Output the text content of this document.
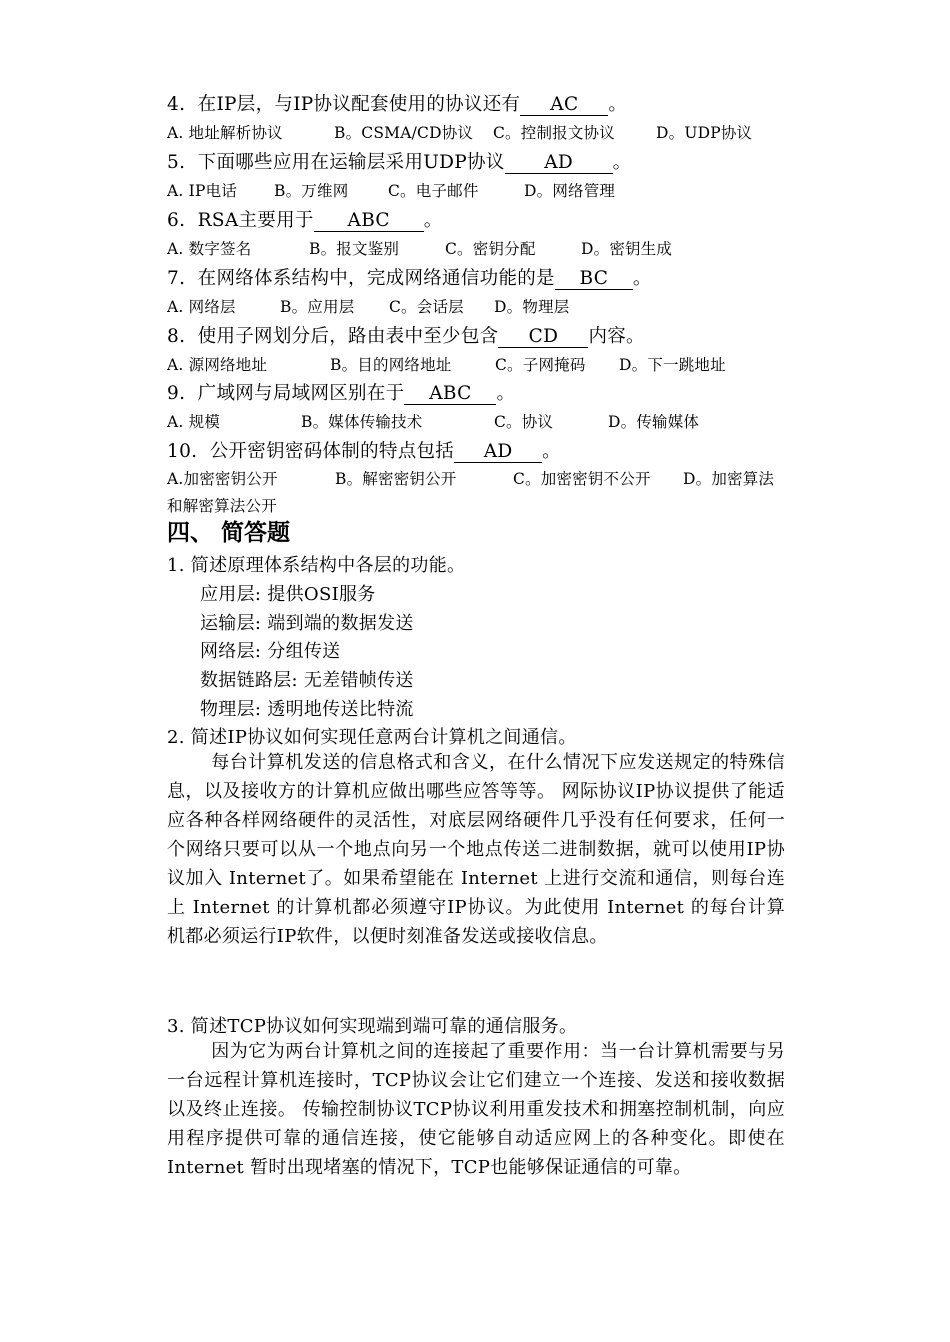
4. 在IP层，与IP协议配套使用的协议还有 AC 。
A. 地址解析协议	B。CSMA/CD协议 C。控制报文协议	D。UDP协议
5. 下面哪些应用在运输层采用UDP协议 AD 。
A. IP电话 B。万维网	C。电子邮件	D。网络管理
6. RSA主要用于 ABC 。
A. 数字签名	B。报文鉴别	C。密钥分配	D。密钥生成
7. 在网络体系结构中，完成网络通信功能的是 BC 。
A. 网络层	B。应用层 C。会话层 D。物理层
8. 使用子网划分后，路由表中至少包含 CD 内容。
A. 源网络地址	B。目的网络地址	C。子网掩码 D。下一跳地址
9. 广域网与局域网区别在于 ABC 。
A. 规模	B。媒体传输技术	C。协议	D。传输媒体
10. 公开密钥密码体制的特点包括 AD 。
A.加密密钥公开	B。解密密钥公开	C。加密密钥不公开 D。加密算法
和解密算法公开
四、 简答题
1. 简述原理体系结构中各层的功能。
应用层: 提供OSI服务
运输层: 端到端的数据发送
网络层: 分组传送
数据链路层: 无差错帧传送
物理层: 透明地传送比特流
2. 简述IP协议如何实现任意两台计算机之间通信。
每台计算机发送的信息格式和含义，在什么情况下应发送规定的特殊信息，以及接收方的计算机应做出哪些应答等等。 网际协议IP协议提供了能适应各种各样网络硬件的灵活性，对底层网络硬件几乎没有任何要求，任何一个网络只要可以从一个地点向另一个地点传送二进制数据，就可以使用IP协议加入 Internet了。如果希望能在 Internet 上进行交流和通信，则每台连上 Internet 的计算机都必须遵守IP协议。为此使用 Internet 的每台计算机都必须运行IP软件，以便时刻准备发送或接收信息。
3. 简述TCP协议如何实现端到端可靠的通信服务。
因为它为两台计算机之间的连接起了重要作用：当一台计算机需要与另一台远程计算机连接时，TCP协议会让它们建立一个连接、发送和接收数据以及终止连接。 传输控制协议TCP协议利用重发技术和拥塞控制机制，向应用程序提供可靠的通信连接，使它能够自动适应网上的各种变化。即使在 Internet 暂时出现堵塞的情况下，TCP也能够保证通信的可靠。
